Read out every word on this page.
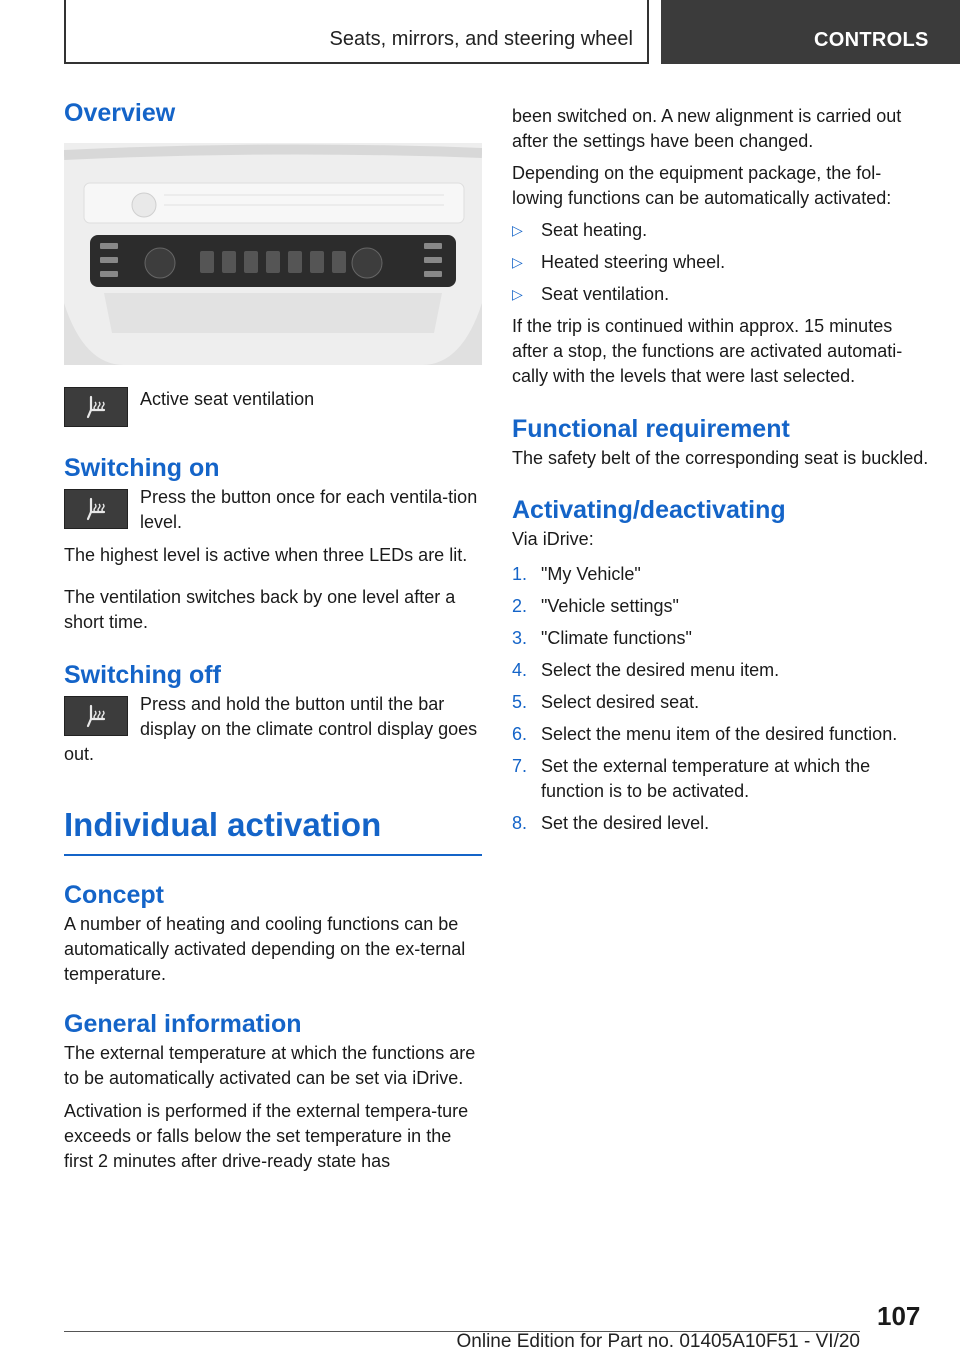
Seats, mirrors, and steering wheel	CONTROLS
Overview

Active seat ventilation

Switching on

Press the button once for each ventila-tion level.

The highest level is active when three LEDs are lit.

The ventilation switches back by one level after a short time.

Switching off

Press and hold the button until the bar display on the climate control display goes out.

Individual activation
Concept

A number of heating and cooling functions can be automatically activated depending on the ex-ternal temperature.

General information

The external temperature at which the functions are to be automatically activated can be set via iDrive.

Activation is performed if the external tempera-ture exceeds or falls below the set temperature in the first 2 minutes after drive-ready state has

been switched on. A new alignment is carried out after the settings have been changed.

Depending on the equipment package, the fol-lowing functions can be automatically activated:

▷ Seat heating.
▷ Heated steering wheel.
▷ Seat ventilation.

If the trip is continued within approx. 15 minutes after a stop, the functions are activated automati-cally with the levels that were last selected.

Functional requirement

The safety belt of the corresponding seat is buckled.

Activating/deactivating

Via iDrive:

1. "My Vehicle"
2. "Vehicle settings"
3. "Climate functions"
4. Select the desired menu item.
5. Select desired seat.
6. Select the menu item of the desired function.
7. Set the external temperature at which the function is to be activated.
8. Set the desired level.
107
Online Edition for Part no. 01405A10F51 - VI/20
